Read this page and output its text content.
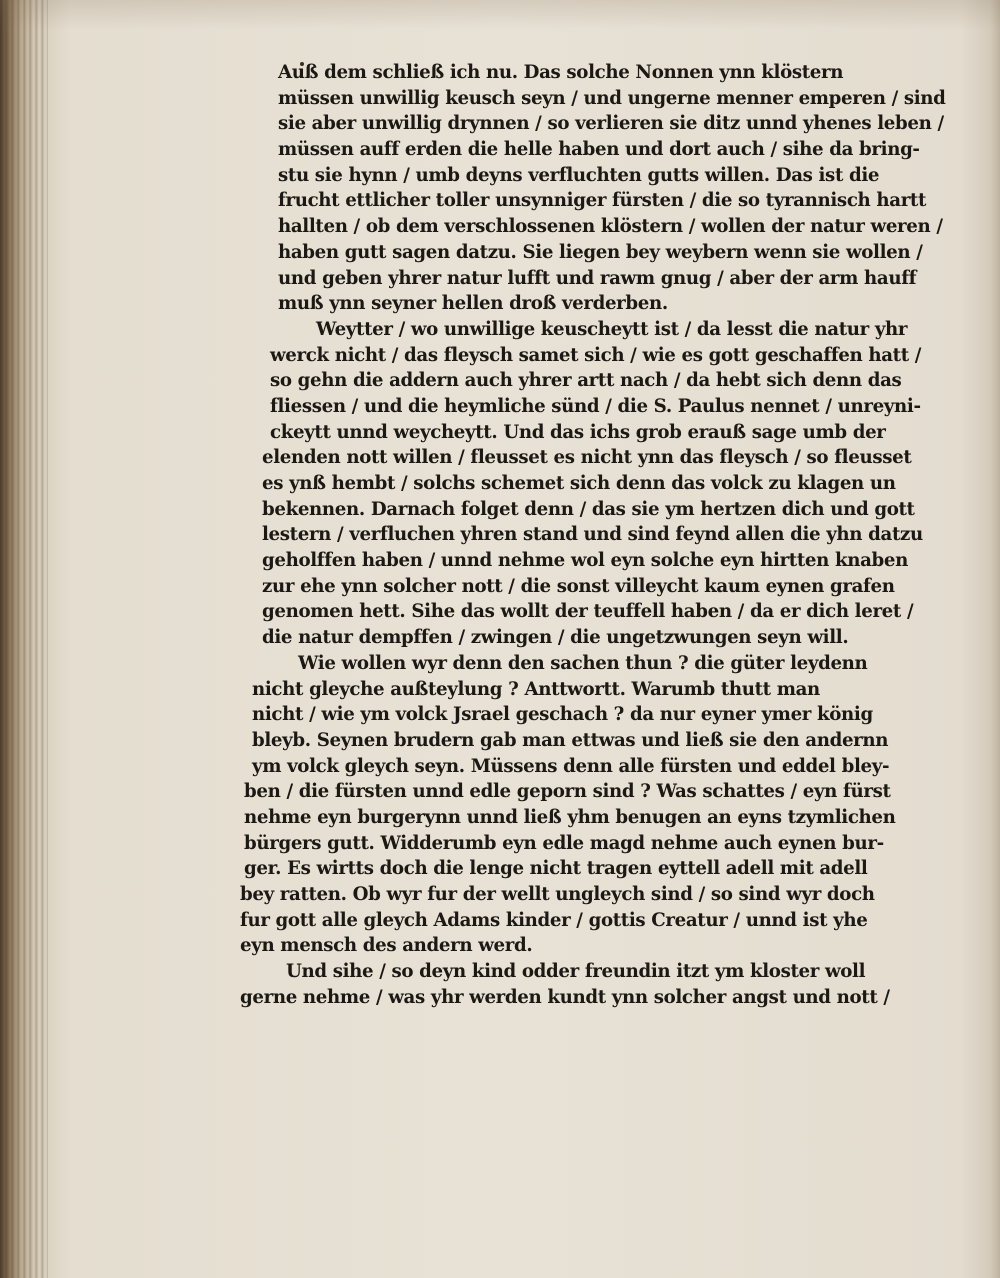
Auß dem schließ ich nu. Das solche Nonnen ynn klöstern
müssen unwillig keusch seyn / und ungerne menner emperen / sind
sie aber unwillig drynnen / so verlieren sie ditz unnd yhenes leben /
müssen auff erden die helle haben und dort auch / sihe da bring-
stu sie hynn / umb deyns verfluchten gutts willen. Das ist die
frucht ettlicher toller unsynniger fürsten / die so tyrannisch hartt
hallten / ob dem verschlossenen klöstern / wollen der natur weren /
haben gutt sagen datzu. Sie liegen bey weybern wenn sie wollen /
und geben yhrer natur lufft und rawm gnug / aber der arm hauff
muß ynn seyner hellen droß verderben.
Weytter / wo unwillige keuscheytt ist / da lesst die natur yhr
werck nicht / das fleysch samet sich / wie es gott geschaffen hatt /
so gehn die addern auch yhrer artt nach / da hebt sich denn das
fliessen / und die heymliche sünd / die S. Paulus nennet / unreyni-
ckeytt unnd weycheytt. Und das ichs grob erauß sage umb der
elenden nott willen / fleusset es nicht ynn das fleysch / so fleusset
es ynß hembt / solchs schemet sich denn das volck zu klagen un
bekennen. Darnach folget denn / das sie ym hertzen dich und gott
lestern / verfluchen yhren stand und sind feynd allen die yhn datzu
geholffen haben / unnd nehme wol eyn solche eyn hirtten knaben
zur ehe ynn solcher nott / die sonst villeycht kaum eynen grafen
genomen hett. Sihe das wollt der teuffell haben / da er dich leret /
die natur dempffen / zwingen / die ungetzwungen seyn will.
Wie wollen wyr denn den sachen thun ? die güter leydenn
nicht gleyche außteylung ? Anttwortt. Warumb thutt man
nicht / wie ym volck Jsrael geschach ? da nur eyner ymer könig
bleyb. Seynen brudern gab man ettwas und ließ sie den andernn
ym volck gleych seyn. Müssens denn alle fürsten und eddel bley-
ben / die fürsten unnd edle geporn sind ? Was schattes / eyn fürst
nehme eyn burgerynn unnd ließ yhm benugen an eyns tzymlichen
bürgers gutt. Widderumb eyn edle magd nehme auch eynen bur-
ger. Es wirtts doch die lenge nicht tragen eyttell adell mit adell
bey ratten. Ob wyr fur der wellt ungleych sind / so sind wyr doch
fur gott alle gleych Adams kinder / gottis Creatur / unnd ist yhe
eyn mensch des andern werd.
Und sihe / so deyn kind odder freundin itzt ym kloster woll
gerne nehme / was yhr werden kundt ynn solcher angst und nott /
